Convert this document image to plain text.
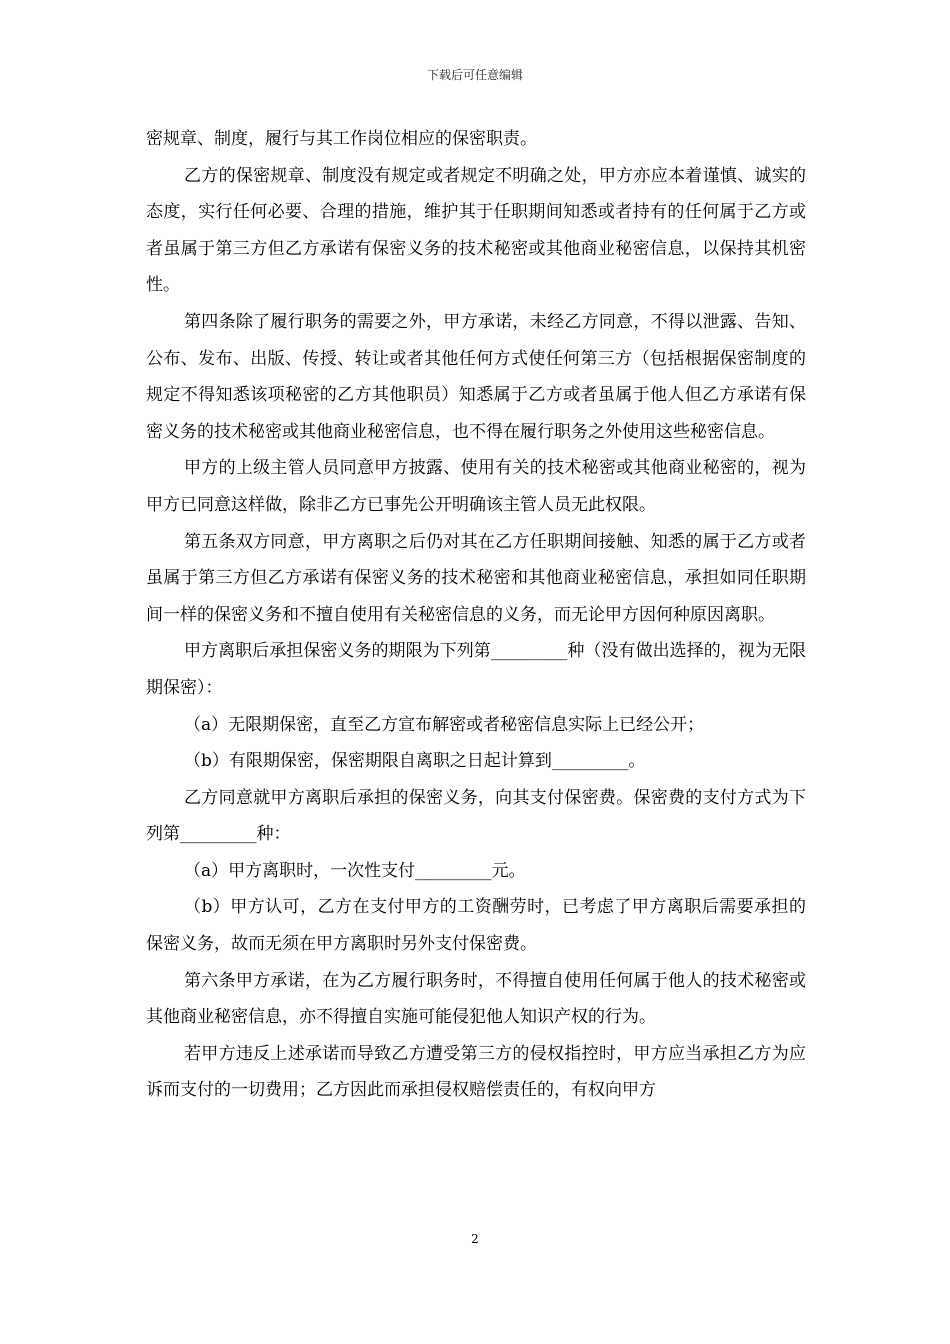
下载后可任意编辑

密规章、制度，履行与其工作岗位相应的保密职责。

乙方的保密规章、制度没有规定或者规定不明确之处，甲方亦应本着谨慎、诚实的态度，实行任何必要、合理的措施，维护其于任职期间知悉或者持有的任何属于乙方或者虽属于第三方但乙方承诺有保密义务的技术秘密或其他商业秘密信息，以保持其机密性。

第四条除了履行职务的需要之外，甲方承诺，未经乙方同意，不得以泄露、告知、公布、发布、出版、传授、转让或者其他任何方式使任何第三方（包括根据保密制度的规定不得知悉该项秘密的乙方其他职员）知悉属于乙方或者虽属于他人但乙方承诺有保密义务的技术秘密或其他商业秘密信息，也不得在履行职务之外使用这些秘密信息。

甲方的上级主管人员同意甲方披露、使用有关的技术秘密或其他商业秘密的，视为甲方已同意这样做，除非乙方已事先公开明确该主管人员无此权限。

第五条双方同意，甲方离职之后仍对其在乙方任职期间接触、知悉的属于乙方或者虽属于第三方但乙方承诺有保密义务的技术秘密和其他商业秘密信息，承担如同任职期间一样的保密义务和不擅自使用有关秘密信息的义务，而无论甲方因何种原因离职。

甲方离职后承担保密义务的期限为下列第_________种（没有做出选择的，视为无限期保密）：

（a）无限期保密，直至乙方宣布解密或者秘密信息实际上已经公开；

（b）有限期保密，保密期限自离职之日起计算到_________。

乙方同意就甲方离职后承担的保密义务，向其支付保密费。保密费的支付方式为下列第_________种：

（a）甲方离职时，一次性支付_________元。

（b）甲方认可，乙方在支付甲方的工资酬劳时，已考虑了甲方离职后需要承担的保密义务，故而无须在甲方离职时另外支付保密费。

第六条甲方承诺，在为乙方履行职务时，不得擅自使用任何属于他人的技术秘密或其他商业秘密信息，亦不得擅自实施可能侵犯他人知识产权的行为。

若甲方违反上述承诺而导致乙方遭受第三方的侵权指控时，甲方应当承担乙方为应诉而支付的一切费用；乙方因此而承担侵权赔偿责任的，有权向甲方

2
